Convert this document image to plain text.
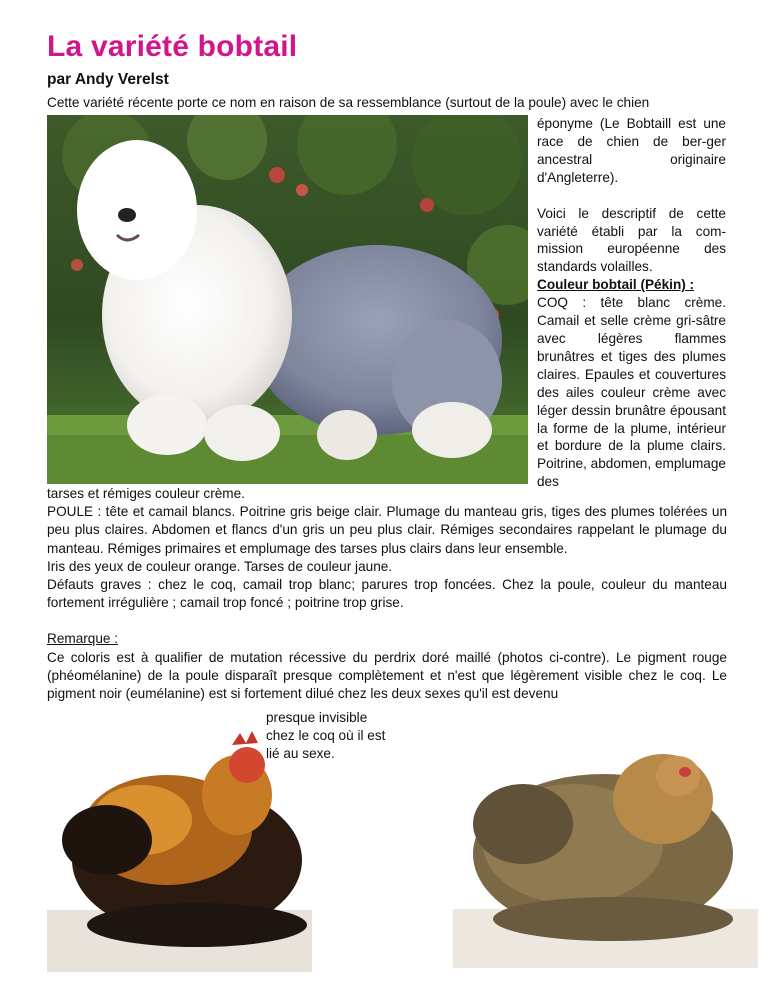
La variété bobtail

par Andy Verelst

Cette variété récente porte ce nom en raison de sa ressemblance (surtout de la poule) avec le chien

éponyme (Le Bobtaill est une race de chien de ber-ger ancestral originaire d'Angleterre).

Voici le descriptif de cette variété établi par la com-mission européenne des standards volailles.

Couleur bobtail (Pékin) :

COQ : tête blanc crème. Camail et selle crème gri-sâtre avec légères flammes brunâtres et tiges des plumes claires. Epaules et couvertures des ailes couleur crème avec léger dessin brunâtre épousant la forme de la plume, intérieur et bordure de la plume clairs. Poitrine, abdomen, emplumage des

tarses et rémiges couleur crème.

POULE : tête et camail blancs. Poitrine gris beige clair. Plumage du manteau gris, tiges des plumes tolérées un peu plus claires. Abdomen et flancs d'un gris un peu plus clair. Rémiges secondaires rappelant le plumage du manteau. Rémiges primaires et emplumage des tarses plus clairs dans leur ensemble.

Iris des yeux de couleur orange. Tarses de couleur jaune.

Défauts graves : chez le coq, camail trop blanc; parures trop foncées. Chez la poule, couleur du manteau fortement irrégulière ; camail trop foncé ; poitrine trop grise.

Remarque :

Ce coloris est à qualifier de mutation récessive du perdrix doré maillé (photos ci-contre). Le pigment rouge (phéomélanine) de la poule disparaît presque complètement et n'est que légèrement visible chez le coq. Le pigment noir (eumélanine) est si fortement dilué chez les deux sexes qu'il est devenu

presque invisible chez le coq où il est lié au sexe.
